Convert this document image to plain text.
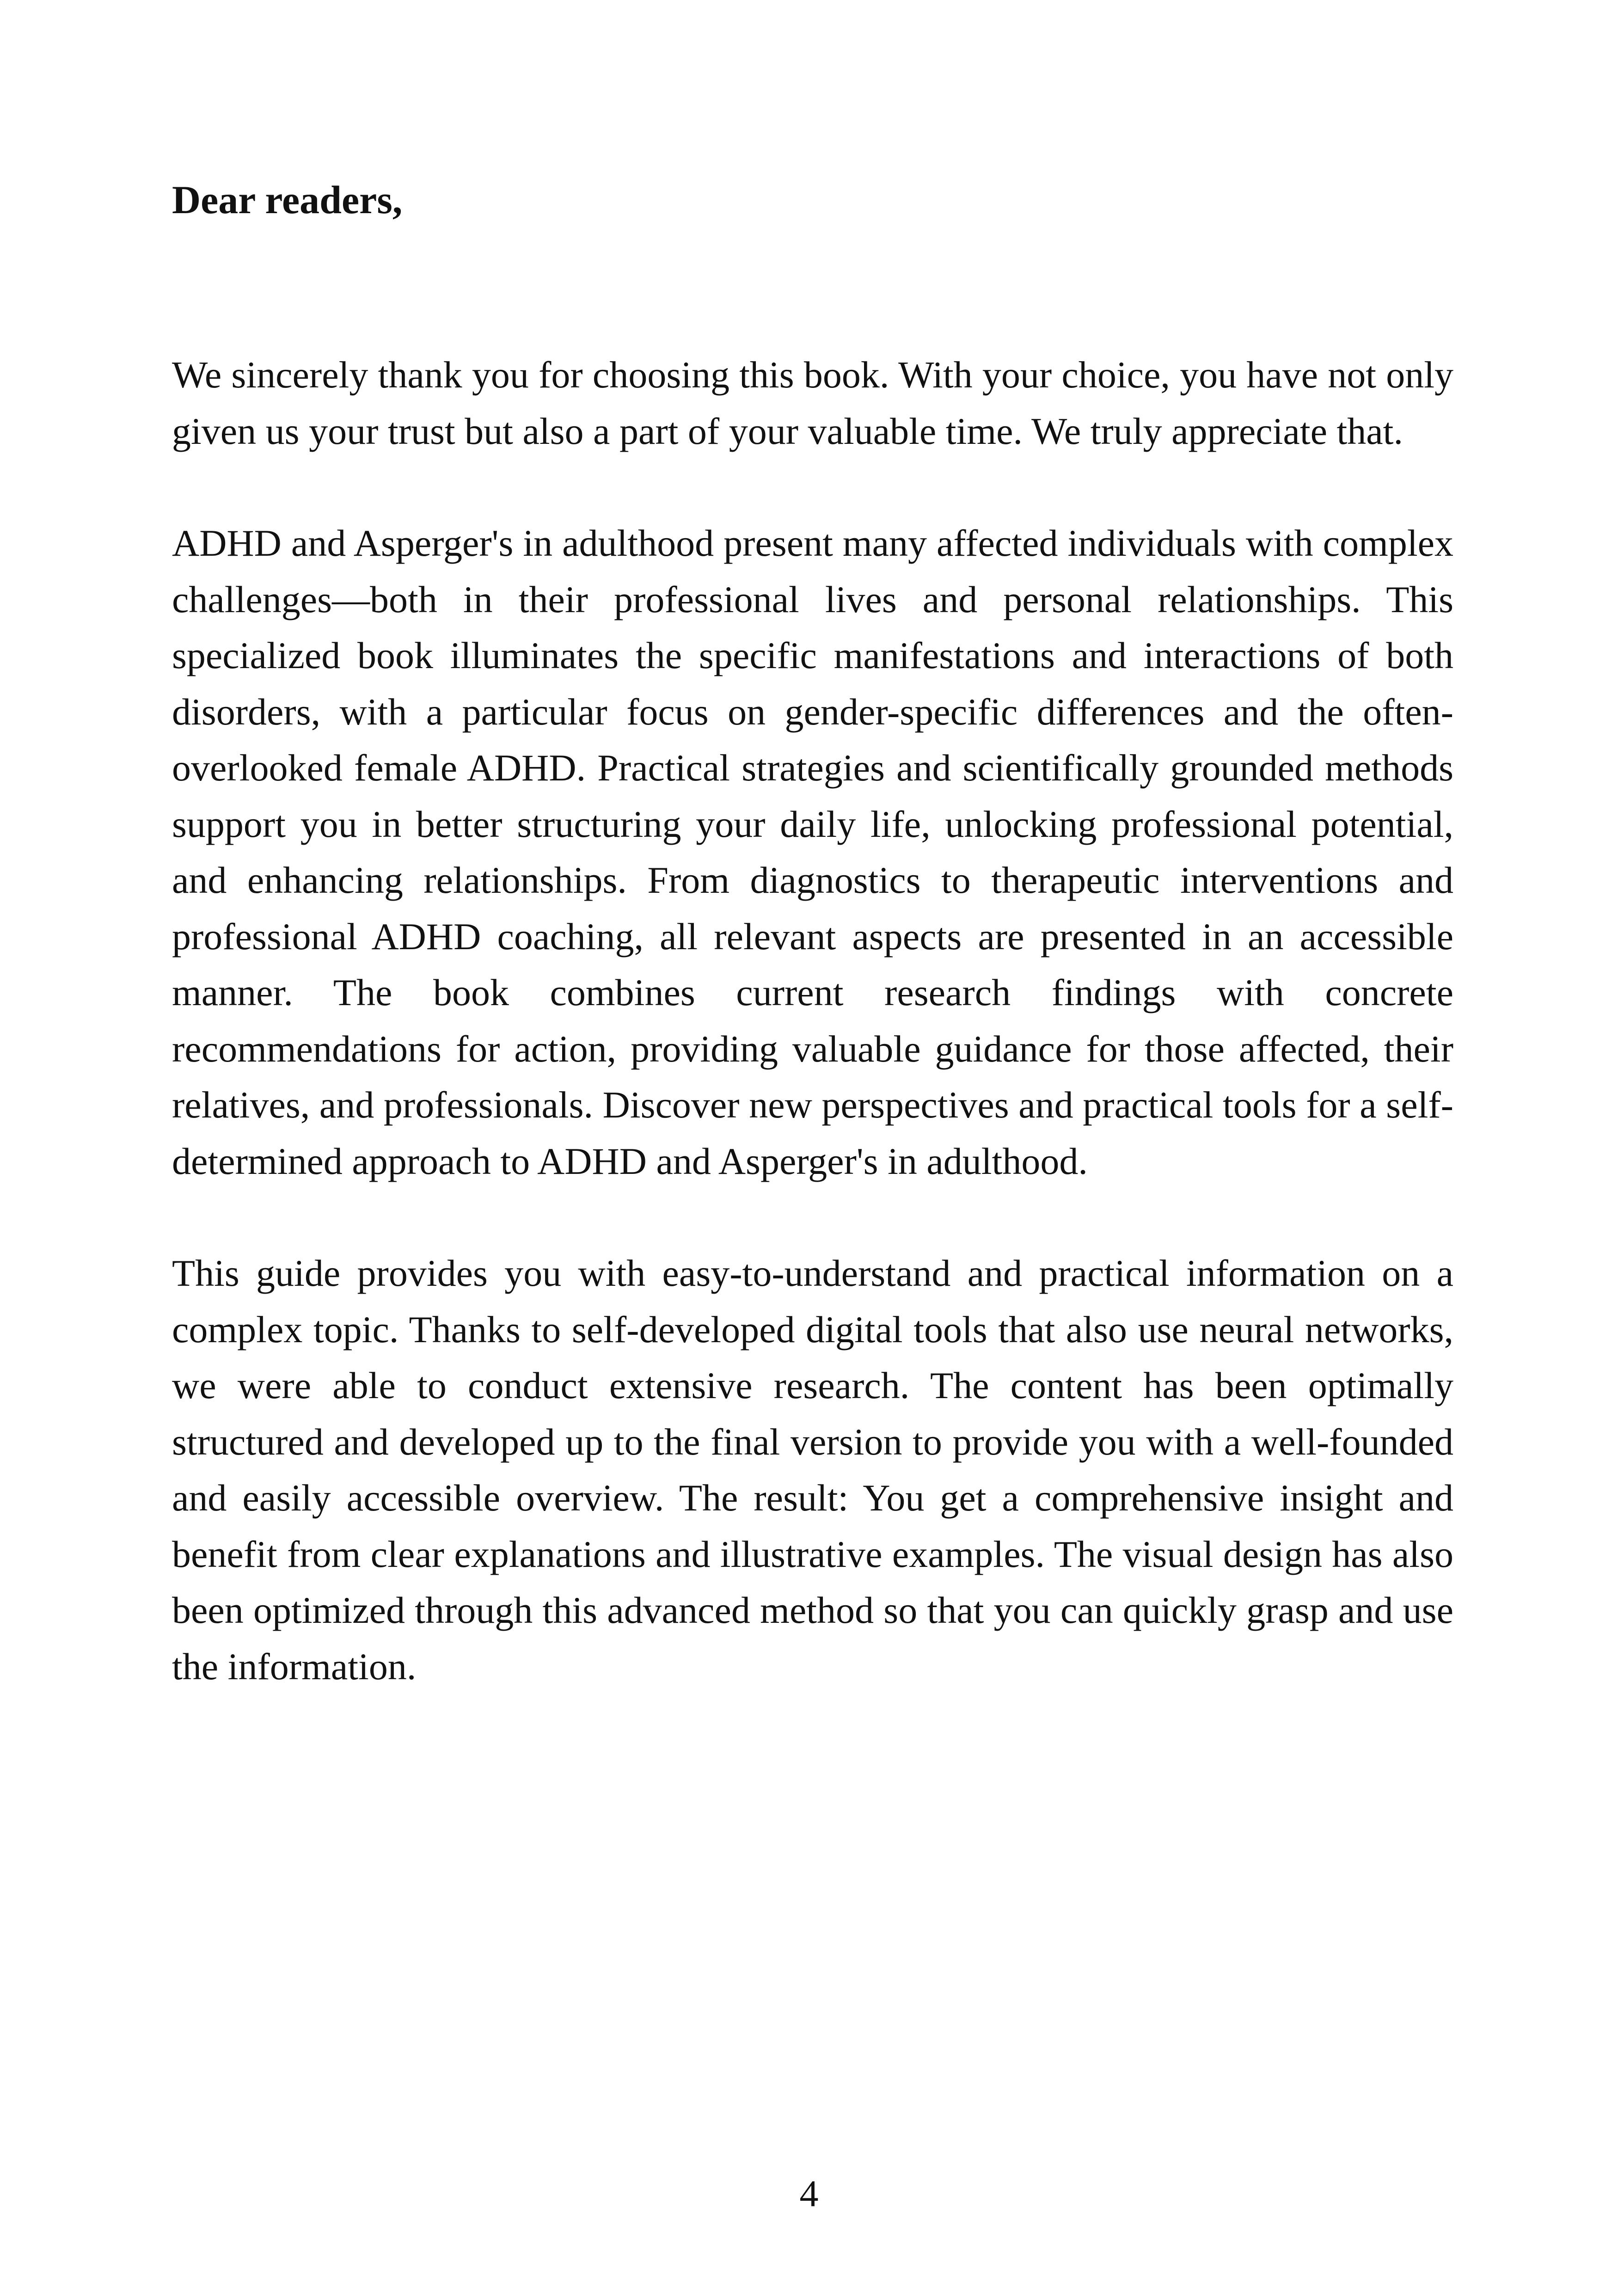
Dear readers,

We sincerely thank you for choosing this book. With your choice, you have not only given us your trust but also a part of your valuable time. We truly appreciate that.

ADHD and Asperger's in adulthood present many affected individuals with complex challenges—both in their professional lives and personal relationships. This specialized book illuminates the specific manifestations and interactions of both disorders, with a particular focus on gender-specific differences and the often-overlooked female ADHD. Practical strategies and scientifically grounded methods support you in better structuring your daily life, unlocking professional potential, and enhancing relationships. From diagnostics to therapeutic interventions and professional ADHD coaching, all relevant aspects are presented in an accessible manner. The book combines current research findings with concrete recommendations for action, providing valuable guidance for those affected, their relatives, and professionals. Discover new perspectives and practical tools for a self-determined approach to ADHD and Asperger's in adulthood.

This guide provides you with easy-to-understand and practical information on a complex topic. Thanks to self-developed digital tools that also use neural networks, we were able to conduct extensive research. The content has been optimally structured and developed up to the final version to provide you with a well-founded and easily accessible overview. The result: You get a comprehensive insight and benefit from clear explanations and illustrative examples. The visual design has also been optimized through this advanced method so that you can quickly grasp and use the information.

4
